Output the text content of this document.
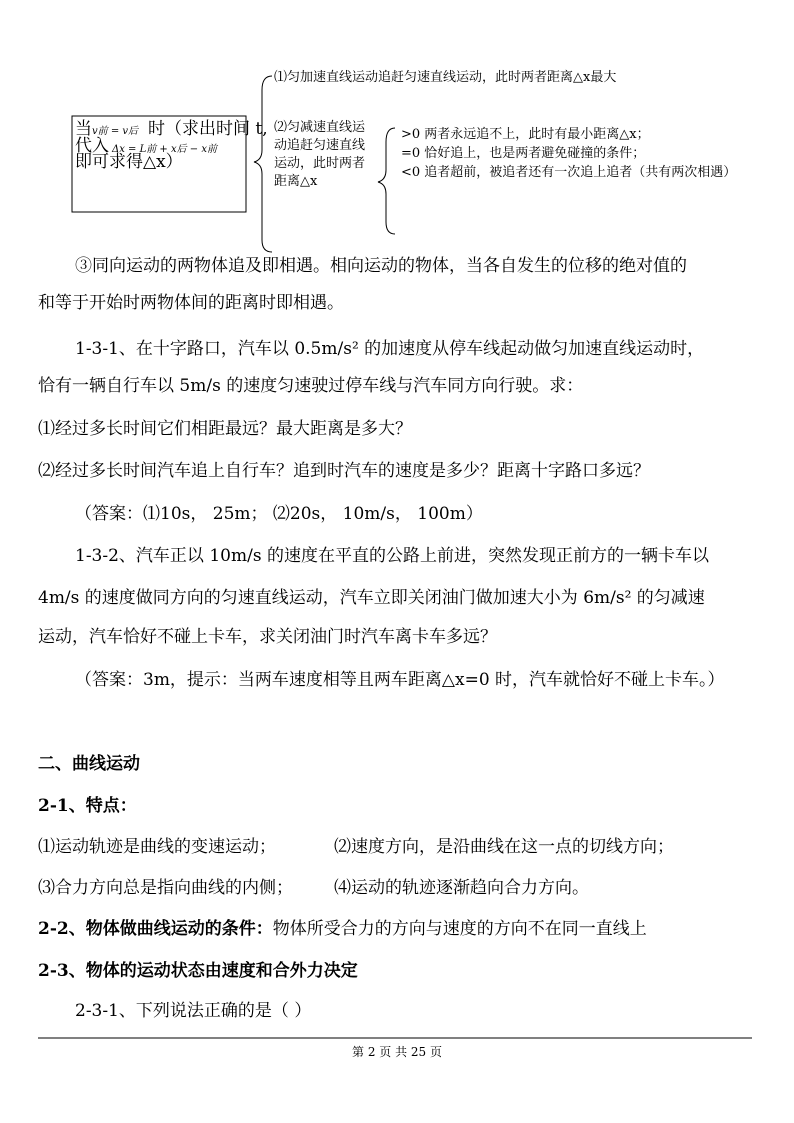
当 v前 = v后 时（求出时间 t,
代入 Δx = L前 + x后 − x前
即可求得△x）
⑴匀加速直线运动追赶匀速直线运动，此时两者距离△x最大
⑵匀减速直线运
动追赶匀速直线
运动，此时两者
距离△x
>0 两者永远追不上，此时有最小距离△x；
=0 恰好追上，也是两者避免碰撞的条件；
<0 追者超前，被追者还有一次追上追者（共有两次相遇）
③同向运动的两物体追及即相遇。相向运动的物体，当各自发生的位移的绝对值的
和等于开始时两物体间的距离时即相遇。
1-3-1、在十字路口，汽车以 0.5m/s² 的加速度从停车线起动做匀加速直线运动时，
恰有一辆自行车以 5m/s 的速度匀速驶过停车线与汽车同方向行驶。求：
⑴经过多长时间它们相距最远？最大距离是多大？
⑵经过多长时间汽车追上自行车？追到时汽车的速度是多少？距离十字路口多远？
（答案：⑴10s， 25m； ⑵20s， 10m/s， 100m）
1-3-2、汽车正以 10m/s 的速度在平直的公路上前进，突然发现正前方的一辆卡车以
4m/s 的速度做同方向的匀速直线运动，汽车立即关闭油门做加速大小为 6m/s² 的匀减速
运动，汽车恰好不碰上卡车，求关闭油门时汽车离卡车多远？
（答案：3m，提示：当两车速度相等且两车距离△x=0 时，汽车就恰好不碰上卡车。）
二、曲线运动
2-1、特点：
⑴运动轨迹是曲线的变速运动；	⑵速度方向，是沿曲线在这一点的切线方向；
⑶合力方向总是指向曲线的内侧； ⑷运动的轨迹逐渐趋向合力方向。
2-2、物体做曲线运动的条件：物体所受合力的方向与速度的方向不在同一直线上
2-3、物体的运动状态由速度和合外力决定
2-3-1、下列说法正确的是（ ）
第 2 页 共 25 页
